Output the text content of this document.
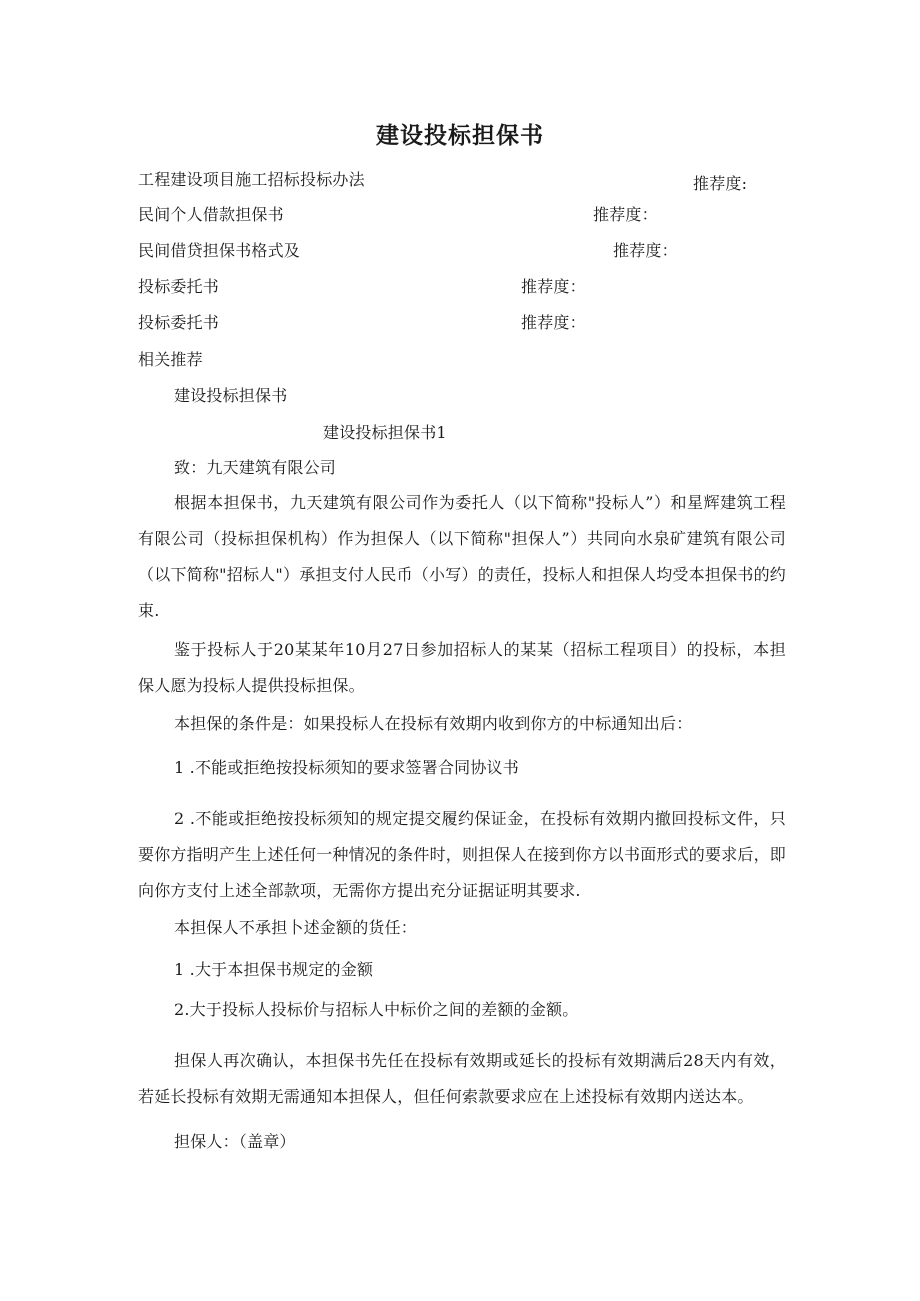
建设投标担保书
工程建设项目施工招标投标办法	推荐度:
民间个人借款担保书	推荐度：
民间借贷担保书格式及	推荐度：
投标委托书	推荐度：
投标委托书	推荐度：
相关推荐
建设投标担保书
建设投标担保书1
致：九天建筑有限公司
根据本担保书，九天建筑有限公司作为委托人（以下简称"投标人”）和星辉建筑工程有限公司（投标担保机构）作为担保人（以下简称"担保人”）共同向水泉矿建筑有限公司（以下简称"招标人"）承担支付人民币（小写）的责任，投标人和担保人均受本担保书的约束.
鉴于投标人于20某某年10月27日参加招标人的某某（招标工程项目）的投标，本担保人愿为投标人提供投标担保。
本担保的条件是：如果投标人在投标有效期内收到你方的中标通知出后：
1 .不能或拒绝按投标须知的要求签署合同协议书
2 .不能或拒绝按投标须知的规定提交履约保证金，在投标有效期内撤回投标文件，只要你方指明产生上述任何一种情况的条件时，则担保人在接到你方以书面形式的要求后，即向你方支付上述全部款项，无需你方提出充分证据证明其要求.
本担保人不承担卜述金额的货任：
1 .大于本担保书规定的金额
2.大于投标人投标价与招标人中标价之间的差额的金额。
担保人再次确认，本担保书先任在投标有效期或延长的投标有效期满后28天内有效，若延长投标有效期无需通知本担保人，但任何索款要求应在上述投标有效期内送达本。
担保人：（盖章）
